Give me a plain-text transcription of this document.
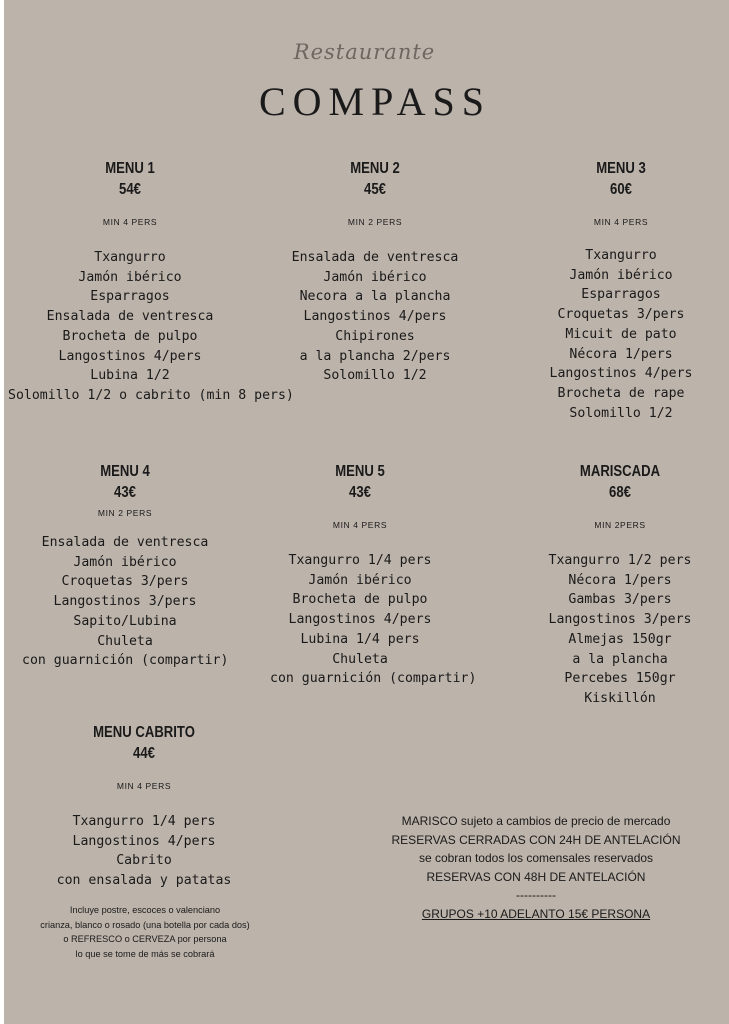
Restaurante
COMPASS
MENU 1
54€
MIN 4 PERS
Txangurro
Jamón ibérico
Esparragos
Ensalada de ventresca
Brocheta de pulpo
Langostinos 4/pers
Lubina 1/2
Solomillo 1/2 o cabrito (min 8 pers)
MENU 2
45€
MIN 2 PERS
Ensalada de ventresca
Jamón ibérico
Necora a la plancha
Langostinos 4/pers
Chipirones
a la plancha 2/pers
Solomillo 1/2
MENU 3
60€
MIN 4 PERS
Txangurro
Jamón ibérico
Esparragos
Croquetas 3/pers
Micuit de pato
Nécora 1/pers
Langostinos 4/pers
Brocheta de rape
Solomillo 1/2
MENU 4
43€
MIN 2 PERS
Ensalada de ventresca
Jamón ibérico
Croquetas 3/pers
Langostinos 3/pers
Sapito/Lubina
Chuleta
con guarnición (compartir)
MENU 5
43€
MIN 4 PERS
Txangurro 1/4 pers
Jamón ibérico
Brocheta de pulpo
Langostinos 4/pers
Lubina 1/4 pers
Chuleta
con guarnición (compartir)
MARISCADA
68€
MIN 2PERS
Txangurro 1/2 pers
Nécora 1/pers
Gambas 3/pers
Langostinos 3/pers
Almejas 150gr
a la plancha
Percebes 150gr
Kiskillón
MENU CABRITO
44€
MIN 4 PERS
Txangurro 1/4 pers
Langostinos 4/pers
Cabrito
con ensalada y patatas
Incluye postre, escoces o valenciano
crianza, blanco o rosado (una botella por cada dos)
o REFRESCO o CERVEZA por persona
lo que se tome de más se cobrará
MARISCO sujeto a cambios de precio de mercado
RESERVAS CERRADAS CON 24H DE ANTELACIÓN
se cobran todos los comensales reservados
RESERVAS CON 48H DE ANTELACIÓN
----------
GRUPOS +10 ADELANTO 15€ PERSONA
